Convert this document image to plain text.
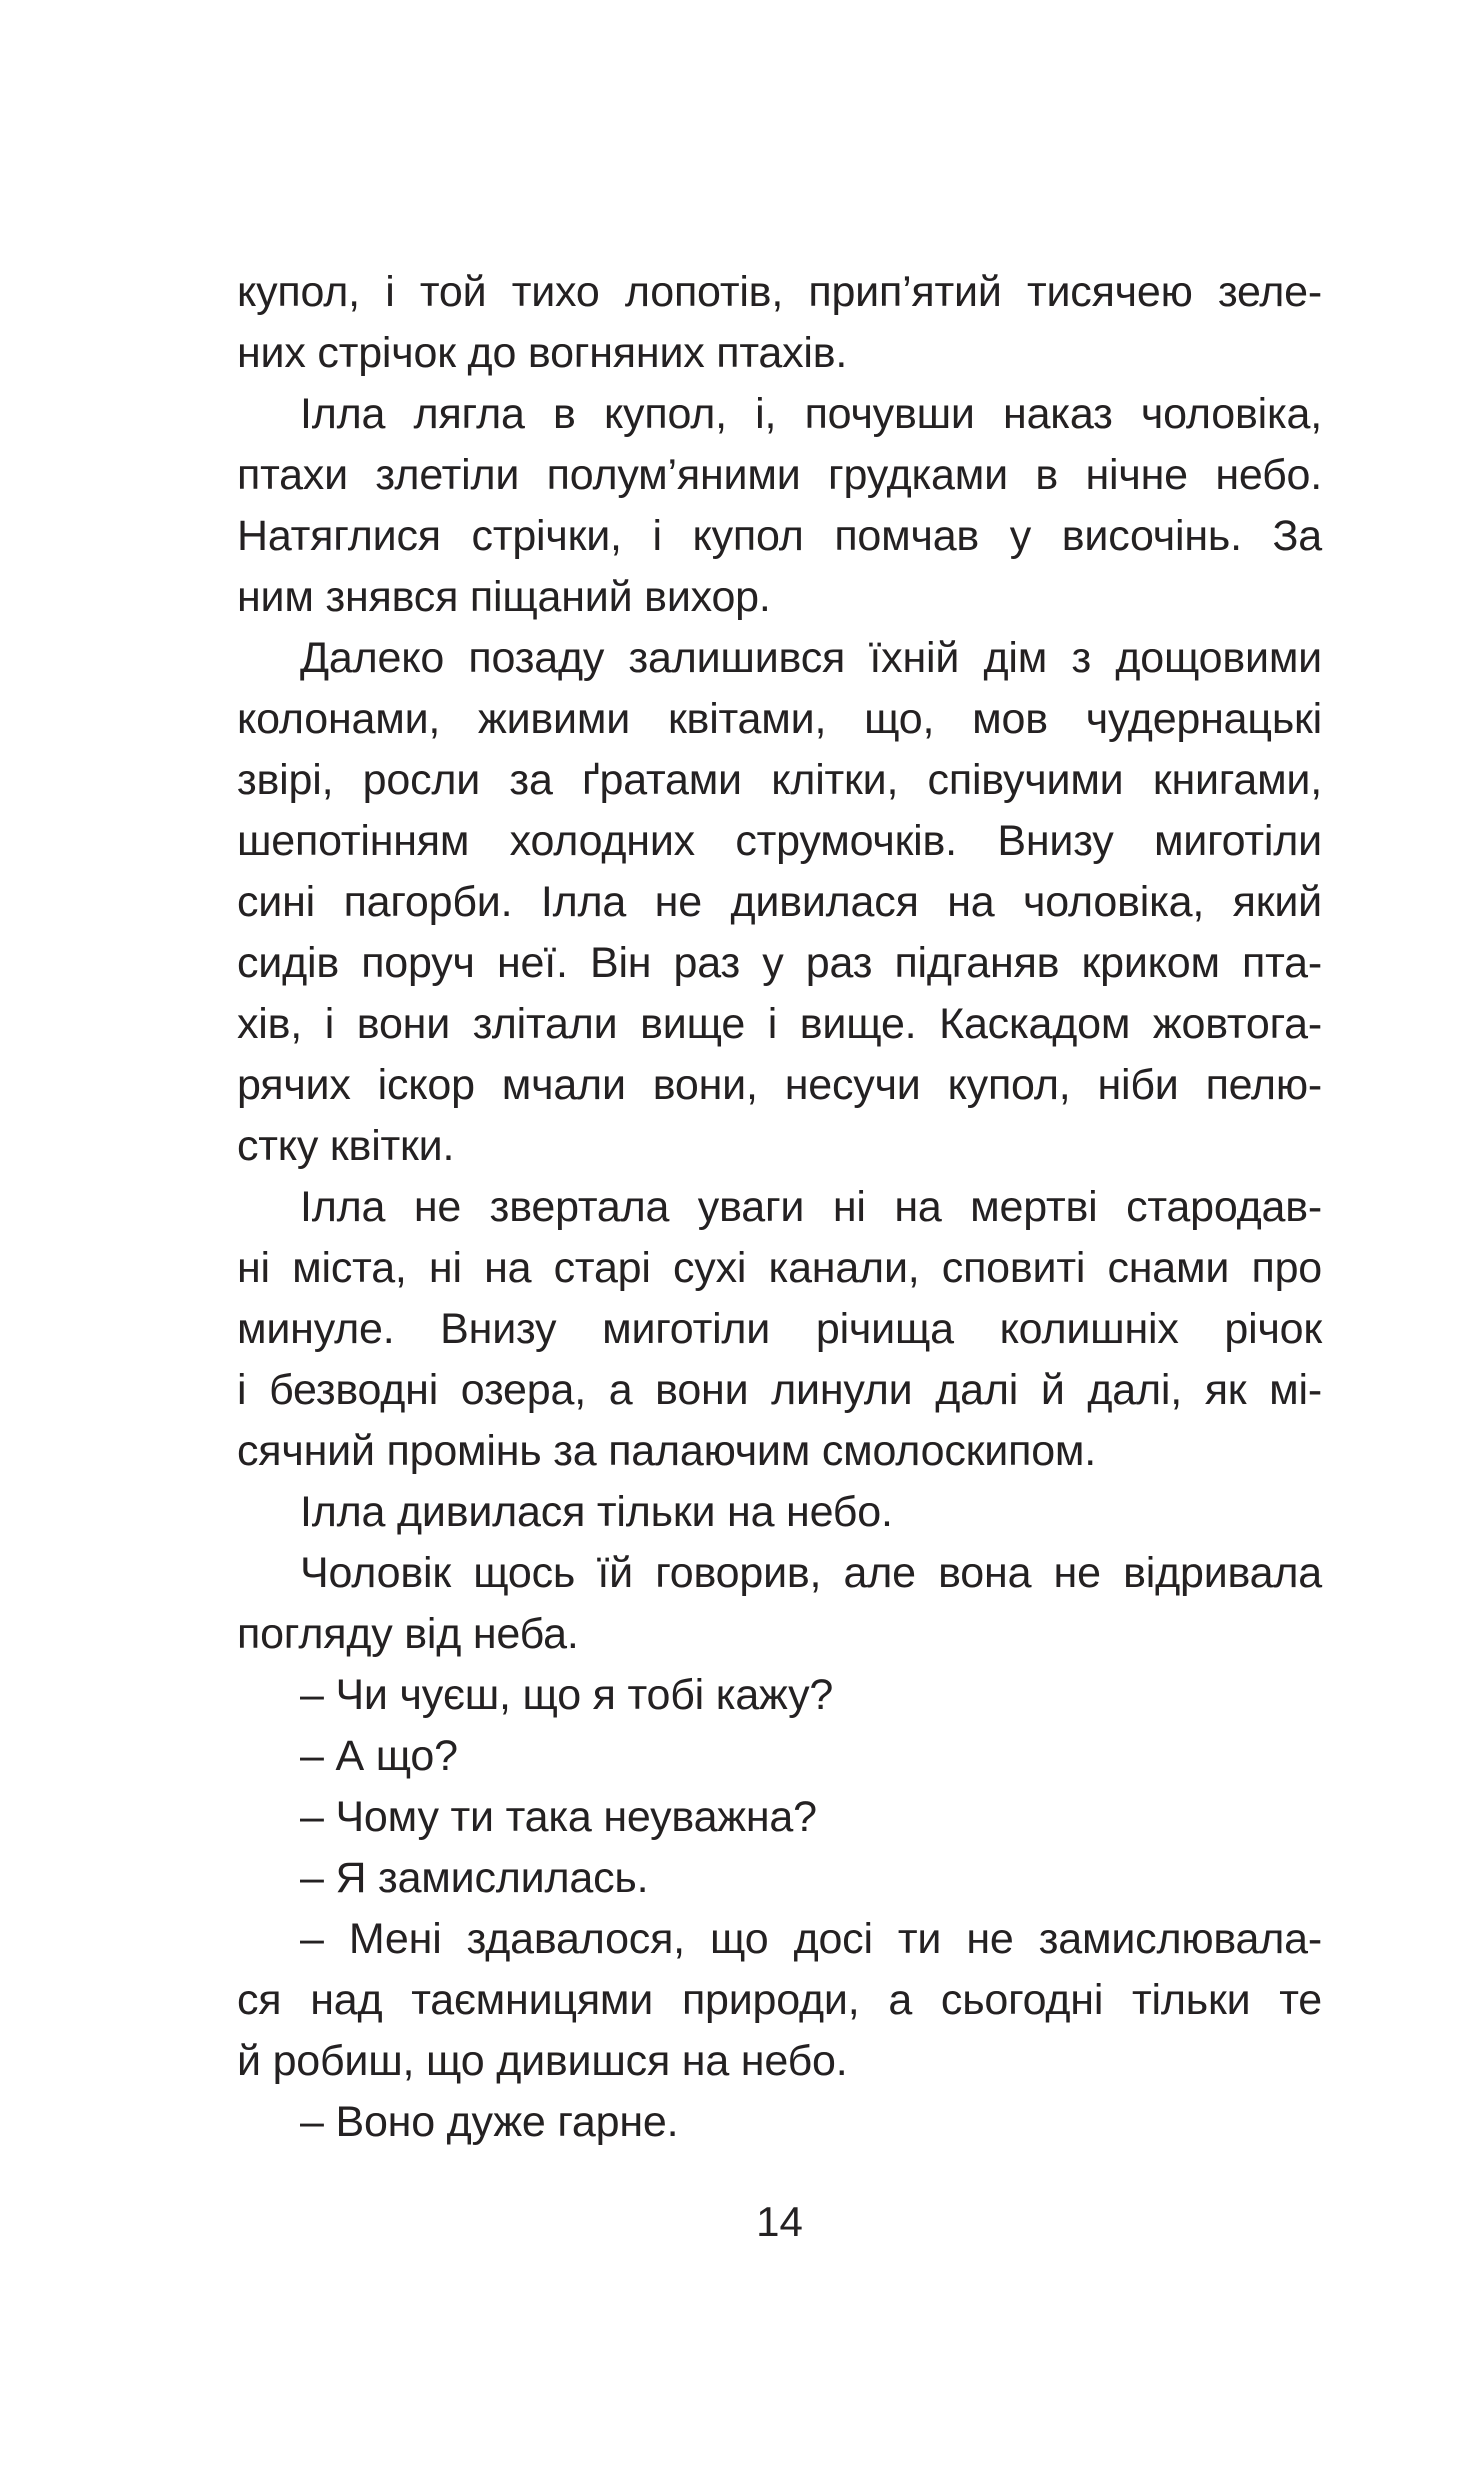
купол, і той тихо лопотів, прип’ятий тисячею зеле-
них стрічок до вогняних птахів.
Ілла лягла в купол, і, почувши наказ чоловіка,
птахи злетіли полум’яними грудками в нічне небо.
Натяглися стрічки, і купол помчав у височінь. За
ним знявся піщаний вихор.
Далеко позаду залишився їхній дім з дощовими
колонами, живими квітами, що, мов чудернацькі
звірі, росли за ґратами клітки, співучими книгами,
шепотінням холодних струмочків. Внизу миготіли
сині пагорби. Ілла не дивилася на чоловіка, який
сидів поруч неї. Він раз у раз підганяв криком пта-
хів, і вони злітали вище і вище. Каскадом жовтога-
рячих іскор мчали вони, несучи купол, ніби пелю-
стку квітки.
Ілла не звертала уваги ні на мертві стародав-
ні міста, ні на старі сухі канали, сповиті снами про
минуле. Внизу миготіли річища колишніх річок
і безводні озера, а вони линули далі й далі, як мі-
сячний промінь за палаючим смолоскипом.
Ілла дивилася тільки на небо.
Чоловік щось їй говорив, але вона не відривала
погляду від неба.
– Чи чуєш, що я тобі кажу?
– А що?
– Чому ти така неуважна?
– Я замислилась.
– Мені здавалося, що досі ти не замислювала-
ся над таємницями природи, а сьогодні тільки те
й робиш, що дивишся на небо.
– Воно дуже гарне.
14
